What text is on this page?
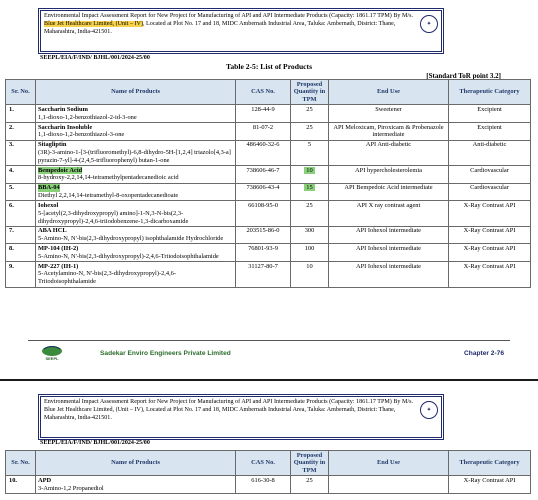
Environmental Impact Assessment Report for New Project for Manufacturing of API and API Intermediate Products (Capacity: 1861.17 TPM) By M/s. Blue Jet Healthcare Limited, (Unit – IV), Located at Plot No. 17 and 18, MIDC Ambernath Industrial Area, Taluka: Ambernath, District: Thane, Maharashtra, India-421501.
✦
SEEPL/EIA/F/IND/ BJHL/001/2024-25/00
Table 2-5: List of Products
[Standard ToR point 3.2]
Sr. No.	Name of Products	CAS No.	Proposed Quantity in TPM	End Use	Therapeutic Category
1.	Saccharin Sodium
1,1-dioxo-1,2-benzothiazol-2-id-3-one	128-44-9	25	Sweetener	Excipient
2.	Saccharin Insoluble
1,1-dioxo-1,2-benzothiazol-3-one	81-07-2	25	API Meloxicam, Piroxicam & Probenazole intermediate	Excipient
3.	Sitagliptin
(3R)-3-amino-1-[3-(trifluoromethyl)-6,8-dihydro-5H-[1,2,4] triazolo[4,3-a] pyrazin-7-yl]-4-(2,4,5-trifluorophenyl) butan-1-one	486460-32-6	5	API Anti-diabetic	Anti-diabetic
4.	Bempedoic Acid
8-hydroxy-2,2,14,14-tetramethylpentadecanedioic acid	738606-46-7	10	API hypercholesterolemia	Cardiovascular
5.	BBA-04
Diethyl 2,2,14,14-tetramethyl-8-oxopentadecanedioate	738606-43-4	15	API Bempedoic Acid intermediate	Cardiovascular
6.	Iohexol
5-[acetyl(2,3-dihydroxypropyl) amino]-1-N,3-N-bis(2,3-dihydroxypropyl)-2,4,6-triiodobenzene-1,3-dicarboxamide	66108-95-0	25	API X ray contrast agent	X-Ray Contrast API
7.	ABA HCL
5-Amino-N, N'-bis(2,3-dihydroxypropyl) isophthalamide Hydrochloride	203515-86-0	300	API Iohexol intermediate	X-Ray Contrast API
8.	MP-104 (IH-2)
5-Amino-N, N'-bis(2,3-dihydroxypropyl)-2,4,6-Triiodoisophthalamide	76801-93-9	100	API Iohexol intermediate	X-Ray Contrast API
9.	MP-227 (IH-1)
5-Acetylamino-N, N'-bis(2,3-dihydroxypropyl)-2,4,6-Triiodoisophthalamide	31127-80-7	10	API Iohexol intermediate	X-Ray Contrast API
SEEPL
Sadekar Enviro Engineers Private Limited	Chapter 2-76
Environmental Impact Assessment Report for New Project for Manufacturing of API and API Intermediate Products (Capacity: 1861.17 TPM) By M/s. Blue Jet Healthcare Limited, (Unit – IV), Located at Plot No. 17 and 18, MIDC Ambernath Industrial Area, Taluka: Ambernath, District: Thane, Maharashtra, India-421501.
✦
SEEPL/EIA/F/IND/ BJHL/001/2024-25/00
Sr. No.	Name of Products	CAS No.	Proposed Quantity in TPM	End Use	Therapeutic Category
10.	APD
3-Amino-1,2 Propanediol	616-30-8	25		X-Ray Contrast API
